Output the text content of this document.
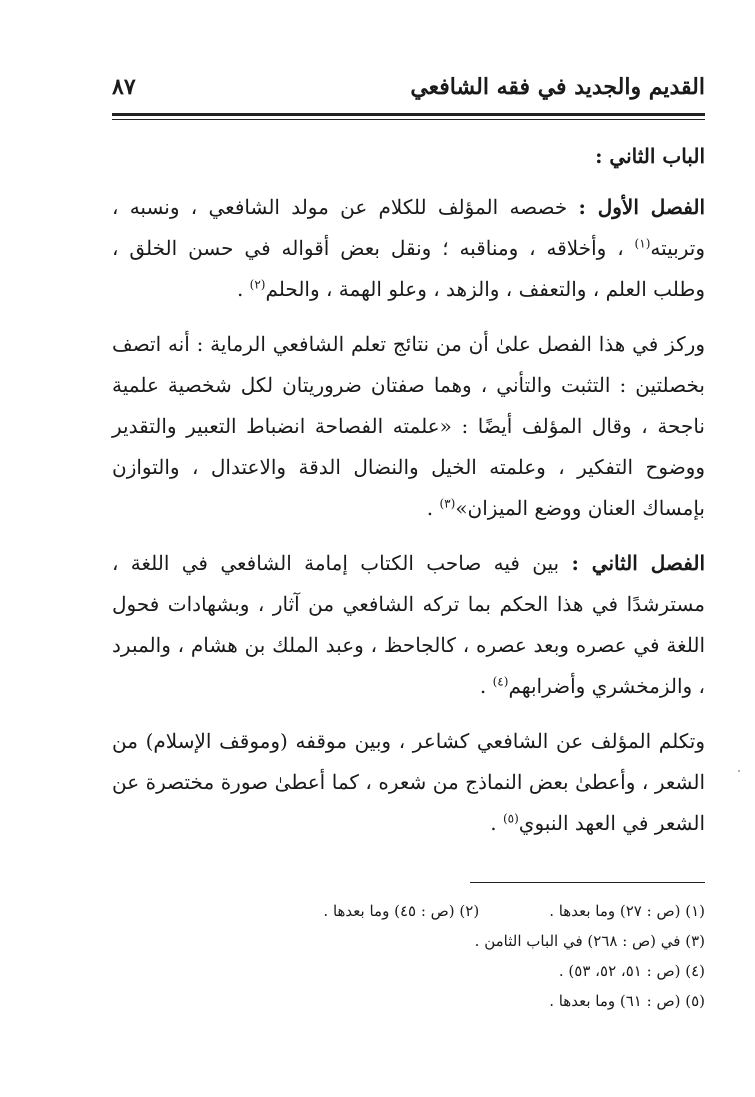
القديم والجديد في فقه الشافعي
٨٧

الباب الثاني :

الفصل الأول : خصصه المؤلف للكلام عن مولد الشافعي ، ونسبه ، وتربيته$^{(١)}$ ، وأخلاقه ، ومناقبه ؛ ونقل بعض أقواله في حسن الخلق ، وطلب العلم ، والتعفف ، والزهد ، وعلو الهمة ، والحلم$^{(٢)}$ .

وركز في هذا الفصل علىٰ أن من نتائج تعلم الشافعي الرماية : أنه اتصف بخصلتين : التثبت والتأني ، وهما صفتان ضروريتان لكل شخصية علمية ناجحة ، وقال المؤلف أيضًا : «علمته الفصاحة انضباط التعبير والتقدير ووضوح التفكير ، وعلمته الخيل والنضال الدقة والاعتدال ، والتوازن بإمساك العنان ووضع الميزان»$^{(٣)}$ .

الفصل الثاني : بين فيه صاحب الكتاب إمامة الشافعي في اللغة ، مسترشدًا في هذا الحكم بما تركه الشافعي من آثار ، وبشهادات فحول اللغة في عصره وبعد عصره ، كالجاحظ ، وعبد الملك بن هشام ، والمبرد ، والزمخشري وأضرابهم$^{(٤)}$ .

وتكلم المؤلف عن الشافعي كشاعر ، وبين موقفه (وموقف الإسلام) من الشعر ، وأعطىٰ بعض النماذج من شعره ، كما أعطىٰ صورة مختصرة عن الشعر في العهد النبوي$^{(٥)}$ .

(١) (ص : ٢٧) وما بعدها .(٢) (ص : ٤٥) وما بعدها .
(٣) في (ص : ٢٦٨) في الباب الثامن .
(٤) (ص : ٥١، ٥٢، ٥٣) .
(٥) (ص : ٦١) وما بعدها .
